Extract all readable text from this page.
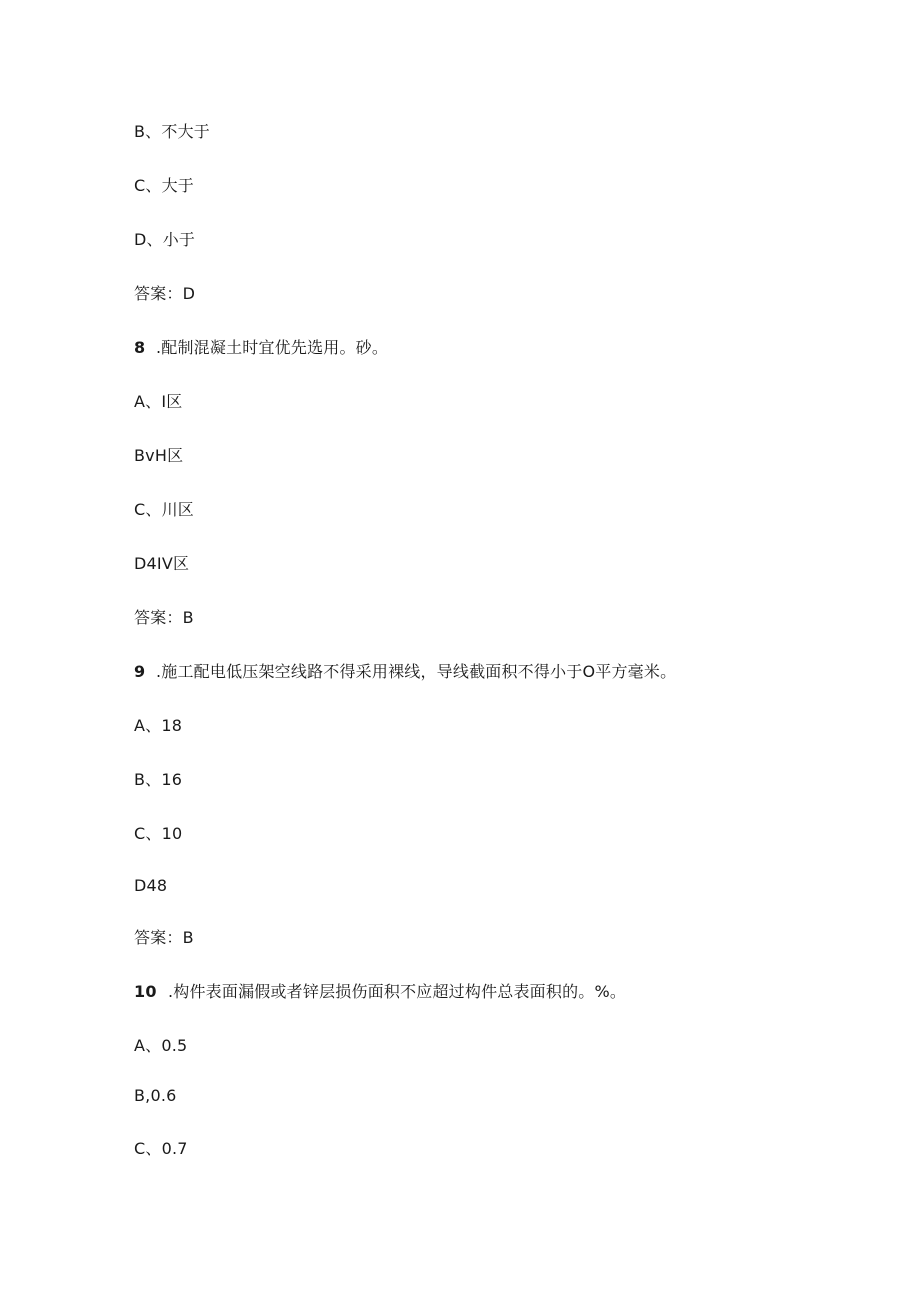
B、不大于
C、大于
D、小于
答案：D
8 .配制混凝土时宜优先选用。砂。
A、I区
BvH区
C、川区
D4IV区
答案：B
9 .施工配电低压架空线路不得采用裸线，导线截面积不得小于O平方毫米。
A、18
B、16
C、10
D48
答案：B
10 .构件表面漏假或者锌层损伤面积不应超过构件总表面积的。%。
A、0.5
B,0.6
C、0.7
